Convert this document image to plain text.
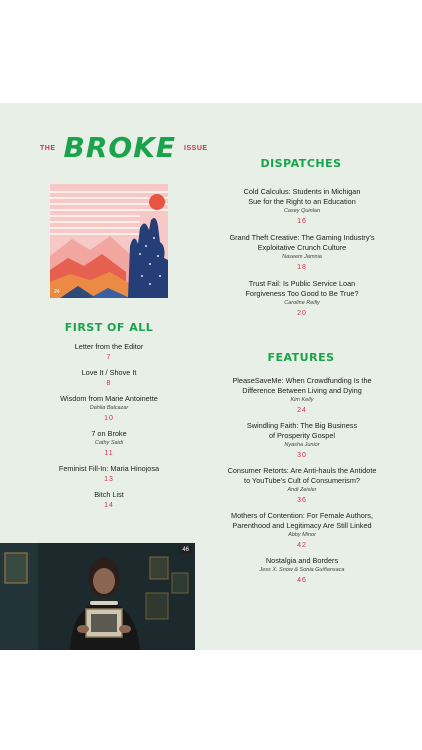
THE BROKE ISSUE
24
FIRST OF ALL
Letter from the Editor
7
Love It / Shove It
8
Wisdom from Marie Antoinette
Dahlia Balcazar
10
7 on Broke
Cathy Saidi
11
Feminist Fill-In: Maria Hinojosa
13
Bitch List
14
DISPATCHES
Cold Calculus: Students in Michigan
Sue for the Right to an Education
Casey Quinlan
16
Grand Theft Creative: The Gaming Industry's
Exploitative Crunch Culture
Naseem Jamnia
18
Trust Fail: Is Public Service Loan
Forgiveness Too Good to Be True?
Caroline Reilly
20
FEATURES
PleaseSaveMe: When Crowdfunding Is the
Difference Between Living and Dying
Kim Kelly
24
Swindling Faith: The Big Business
of Prosperity Gospel
Nyasha Junior
30
Consumer Retorts: Are Anti-hauls the Antidote
to YouTube's Cult of Consumerism?
Andi Zeisler
36
Mothers of Contention: For Female Authors,
Parenthood and Legitimacy Are Still Linked
Abby Minor
42
Nostalgia and Borders
Jess X. Snow & Sonia Guiñansaca
46
46
